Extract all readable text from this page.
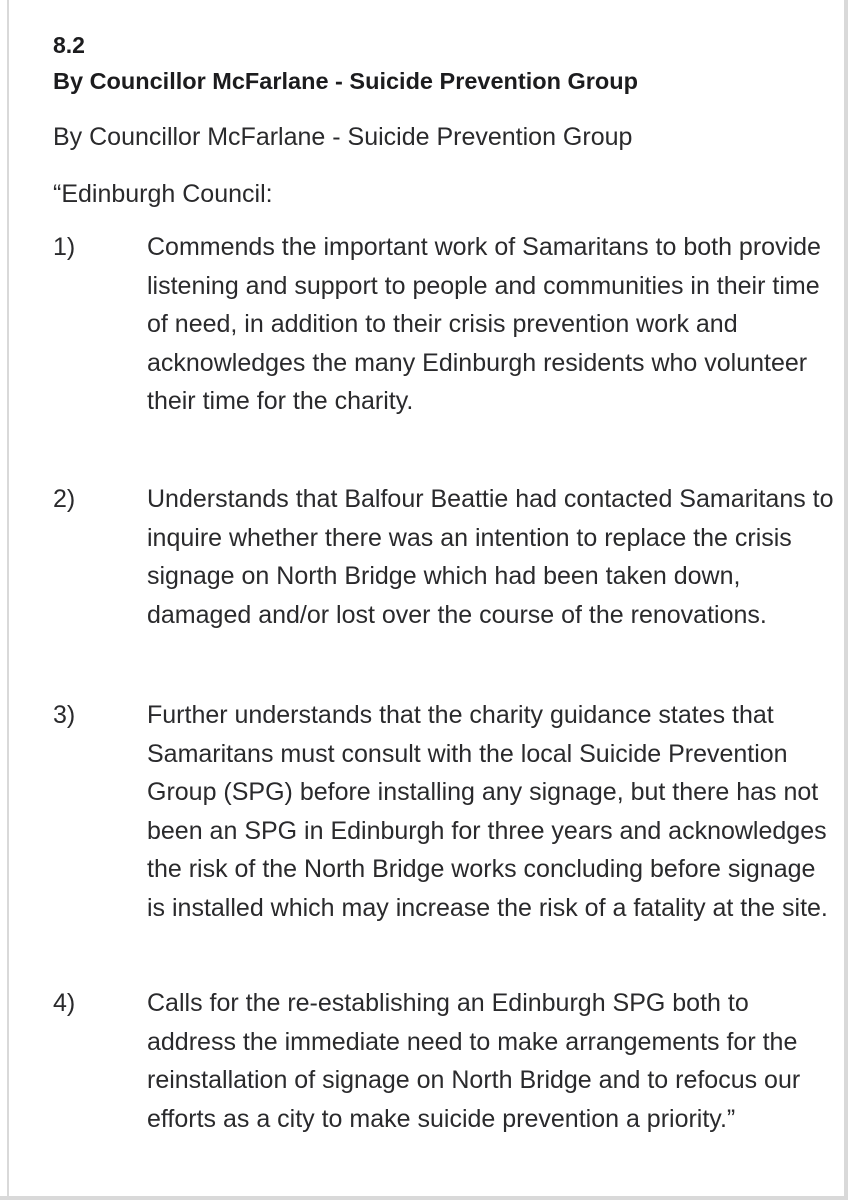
8.2
By Councillor McFarlane - Suicide Prevention Group

By Councillor McFarlane - Suicide Prevention Group

“Edinburgh Council:

1)	Commends the important work of Samaritans to both provide listening and support to people and communities in their time of need, in addition to their crisis prevention work and acknowledges the many Edinburgh residents who volunteer their time for the charity.

2)	Understands that Balfour Beattie had contacted Samaritans to inquire whether there was an intention to replace the crisis signage on North Bridge which had been taken down, damaged and/or lost over the course of the renovations.

3)	Further understands that the charity guidance states that Samaritans must consult with the local Suicide Prevention Group (SPG) before installing any signage, but there has not been an SPG in Edinburgh for three years and acknowledges the risk of the North Bridge works concluding before signage is installed which may increase the risk of a fatality at the site.

4)	Calls for the re-establishing an Edinburgh SPG both to address the immediate need to make arrangements for the reinstallation of signage on North Bridge and to refocus our efforts as a city to make suicide prevention a priority.”
